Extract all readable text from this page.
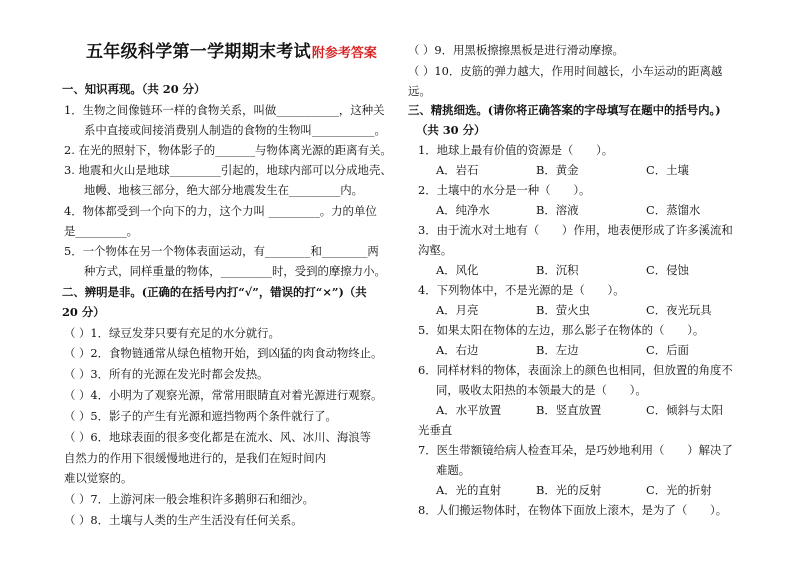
五年级科学第一学期期末考试附参考答案
一、知识再现。（共 20 分）
1．生物之间像链环一样的食物关系，叫做___________，这种关
系中直接或间接消费别人制造的食物的生物叫___________。
2. 在光的照射下，物体影子的_______与物体离光源的距离有关。
3. 地震和火山是地球_________引起的，地球内部可以分成地壳、
地幔、地核三部分，绝大部分地震发生在_________内。
4．物体都受到一个向下的力，这个力叫 _________。力的单位
是_________。
5．一个物体在另一个物体表面运动，有________和________两
种方式，同样重量的物体，_________时，受到的摩擦力小。
二、辨明是非。(正确的在括号内打“√”，错误的打“×”)（共
20 分）
（ ）1．绿豆发芽只要有充足的水分就行。
（ ）2．食物链通常从绿色植物开始，到凶猛的肉食动物终止。
（ ）3．所有的光源在发光时都会发热。
（ ）4．小明为了观察光源，常常用眼睛直对着光源进行观察。
（ ）5．影子的产生有光源和遮挡物两个条件就行了。
（ ）6．地球表面的很多变化都是在流水、风、冰川、海浪等
自然力的作用下很缓慢地进行的，是我们在短时间内
难以觉察的。
（ ）7．上游河床一般会堆积许多鹅卵石和细沙。
（ ）8．土壤与人类的生产生活没有任何关系。
（ ）9．用黑板擦擦黑板是进行滑动摩擦。
（ ）10．皮筋的弹力越大，作用时间越长，小车运动的距离越
远。
三、精挑细选。(请你将正确答案的字母填写在题中的括号内。)
（共 30 分）
1．地球上最有价值的资源是（　　）。
A．岩石	B．黄金	C．土壤
2．土壤中的水分是一种（　　）。
A．纯净水	B．溶液	C．蒸馏水
3．由于流水对土地有（　　）作用，地表便形成了许多溪流和
沟壑。
A．风化	B．沉积	C．侵蚀
4．下列物体中，不是光源的是（　　）。
A．月亮	B．萤火虫	C．夜光玩具
5．如果太阳在物体的左边，那么影子在物体的（　　）。
A．右边	B．左边	C．后面
6．同样材料的物体，表面涂上的颜色也相同，但放置的角度不
同，吸收太阳热的本领最大的是（　　）。
A．水平放置	B．竖直放置	C．倾斜与太阳
光垂直
7．医生带额镜给病人检查耳朵，是巧妙地利用（　　）解决了
难题。
A．光的直射	B．光的反射	C．光的折射
8．人们搬运物体时，在物体下面放上滚木，是为了（　　）。
